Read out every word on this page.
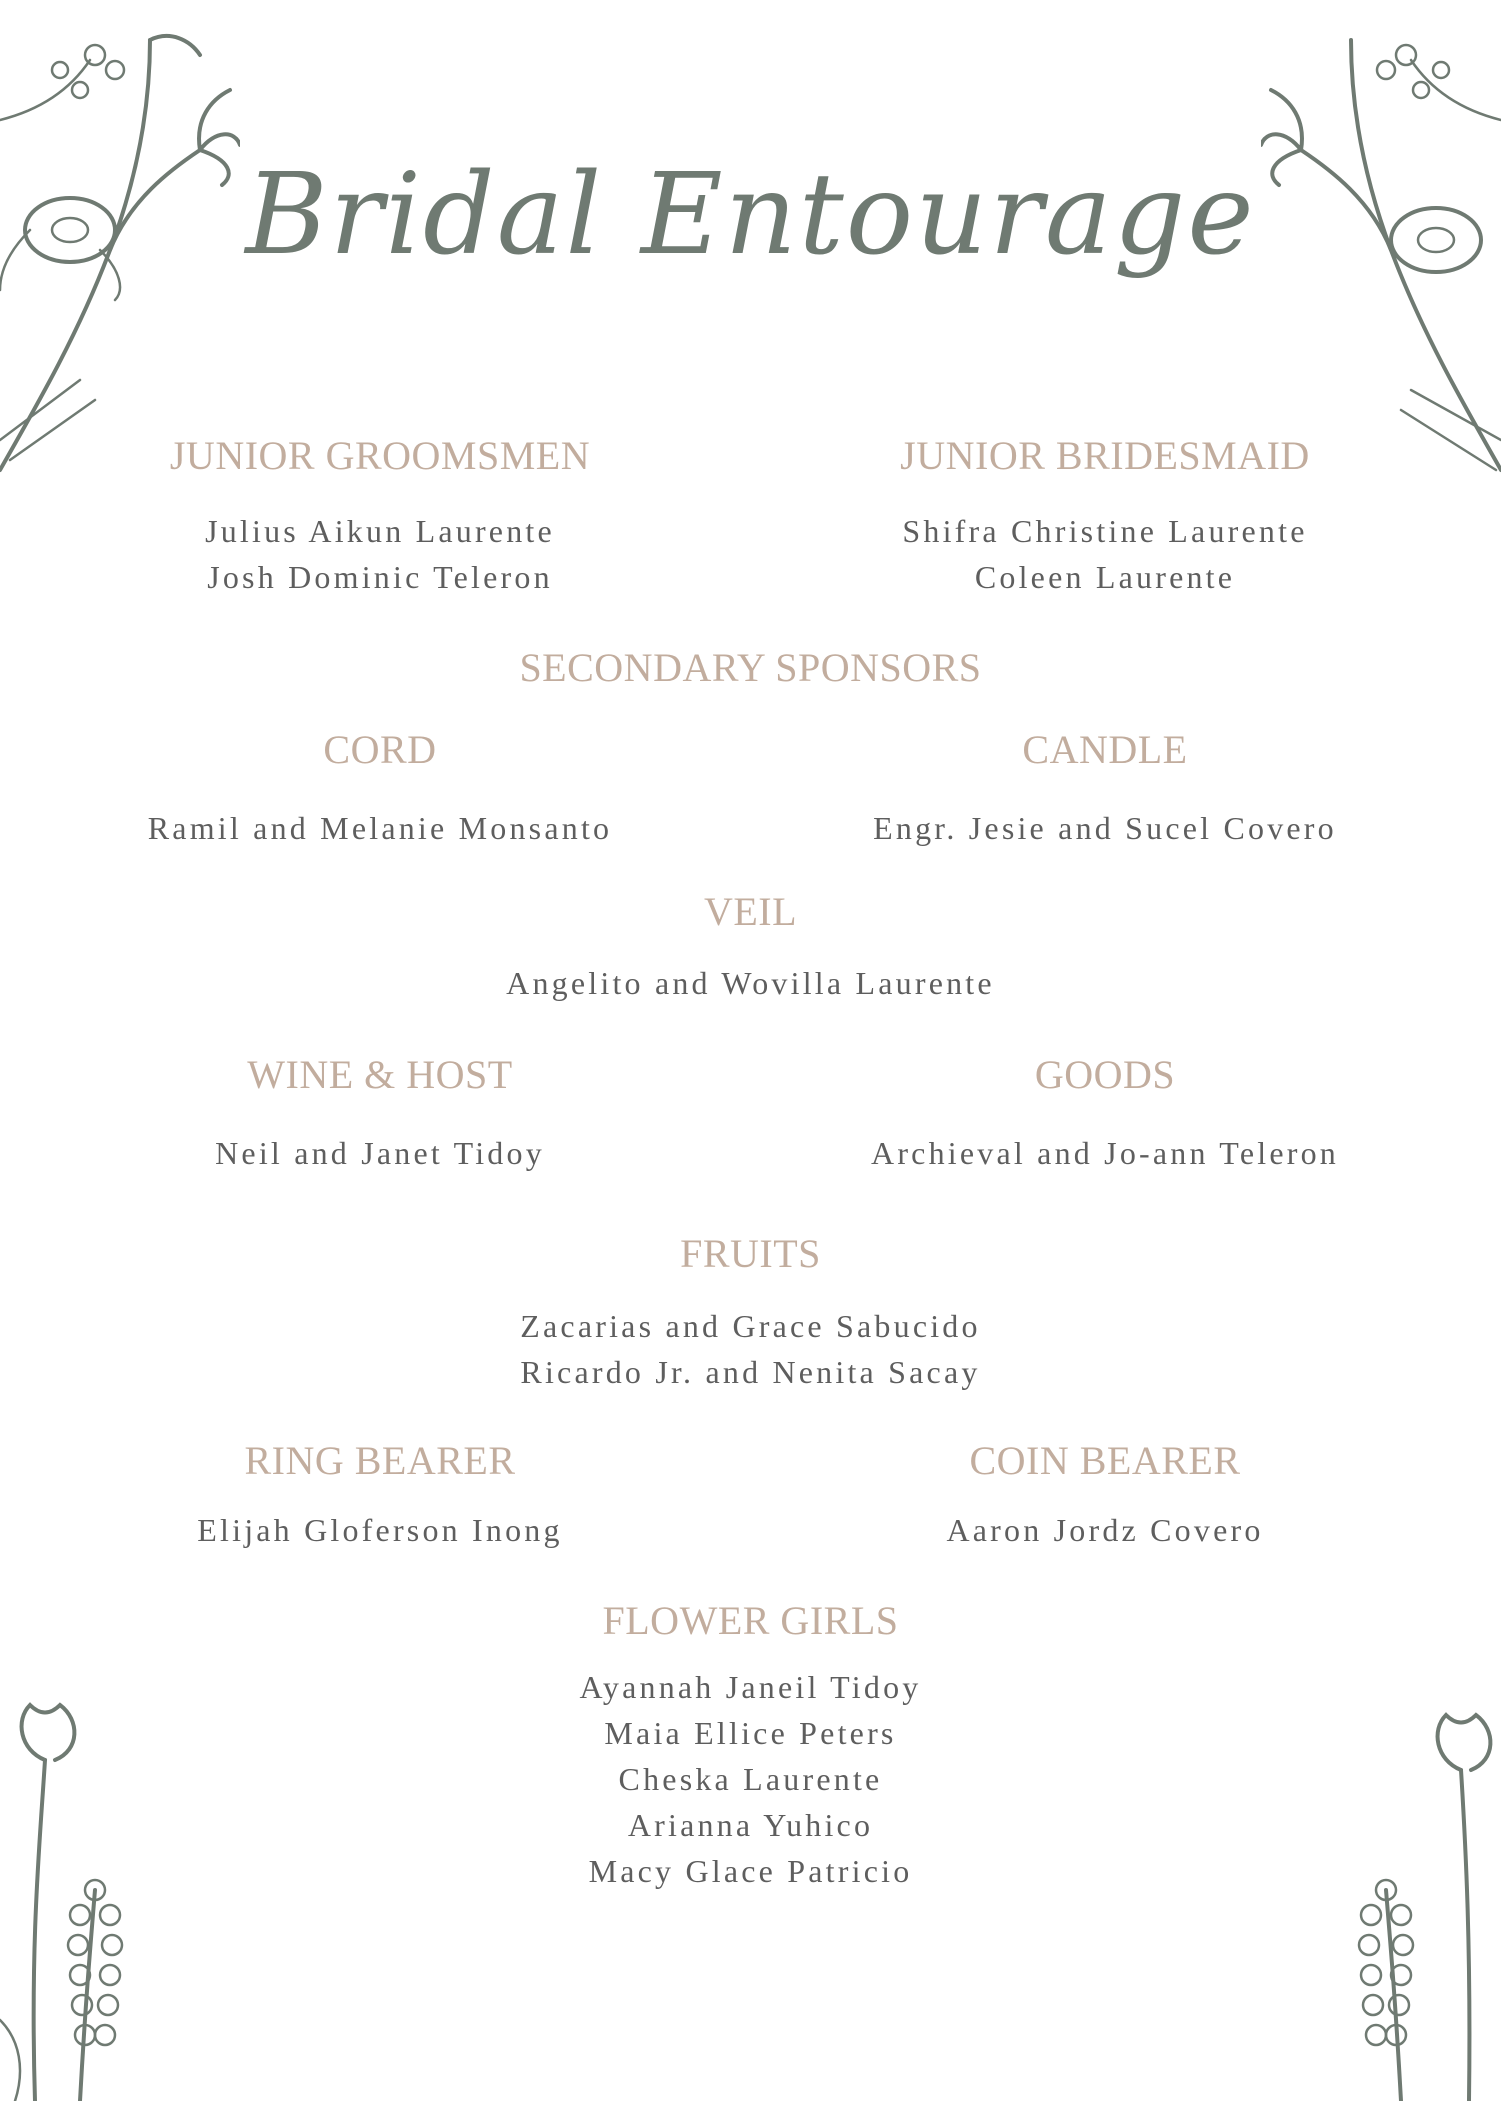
Bridal Entourage
JUNIOR GROOMSMEN
Julius Aikun Laurente
Josh Dominic Teleron
JUNIOR BRIDESMAID
Shifra Christine Laurente
Coleen Laurente
SECONDARY SPONSORS
CORD
Ramil and Melanie Monsanto
CANDLE
Engr. Jesie and Sucel Covero
VEIL
Angelito and Wovilla Laurente
WINE & HOST
Neil and Janet Tidoy
GOODS
Archieval and Jo-ann Teleron
FRUITS
Zacarias and Grace Sabucido
Ricardo Jr. and Nenita Sacay
RING BEARER
Elijah Gloferson Inong
COIN BEARER
Aaron Jordz Covero
FLOWER GIRLS
Ayannah Janeil Tidoy
Maia Ellice Peters
Cheska Laurente
Arianna Yuhico
Macy Glace Patricio
